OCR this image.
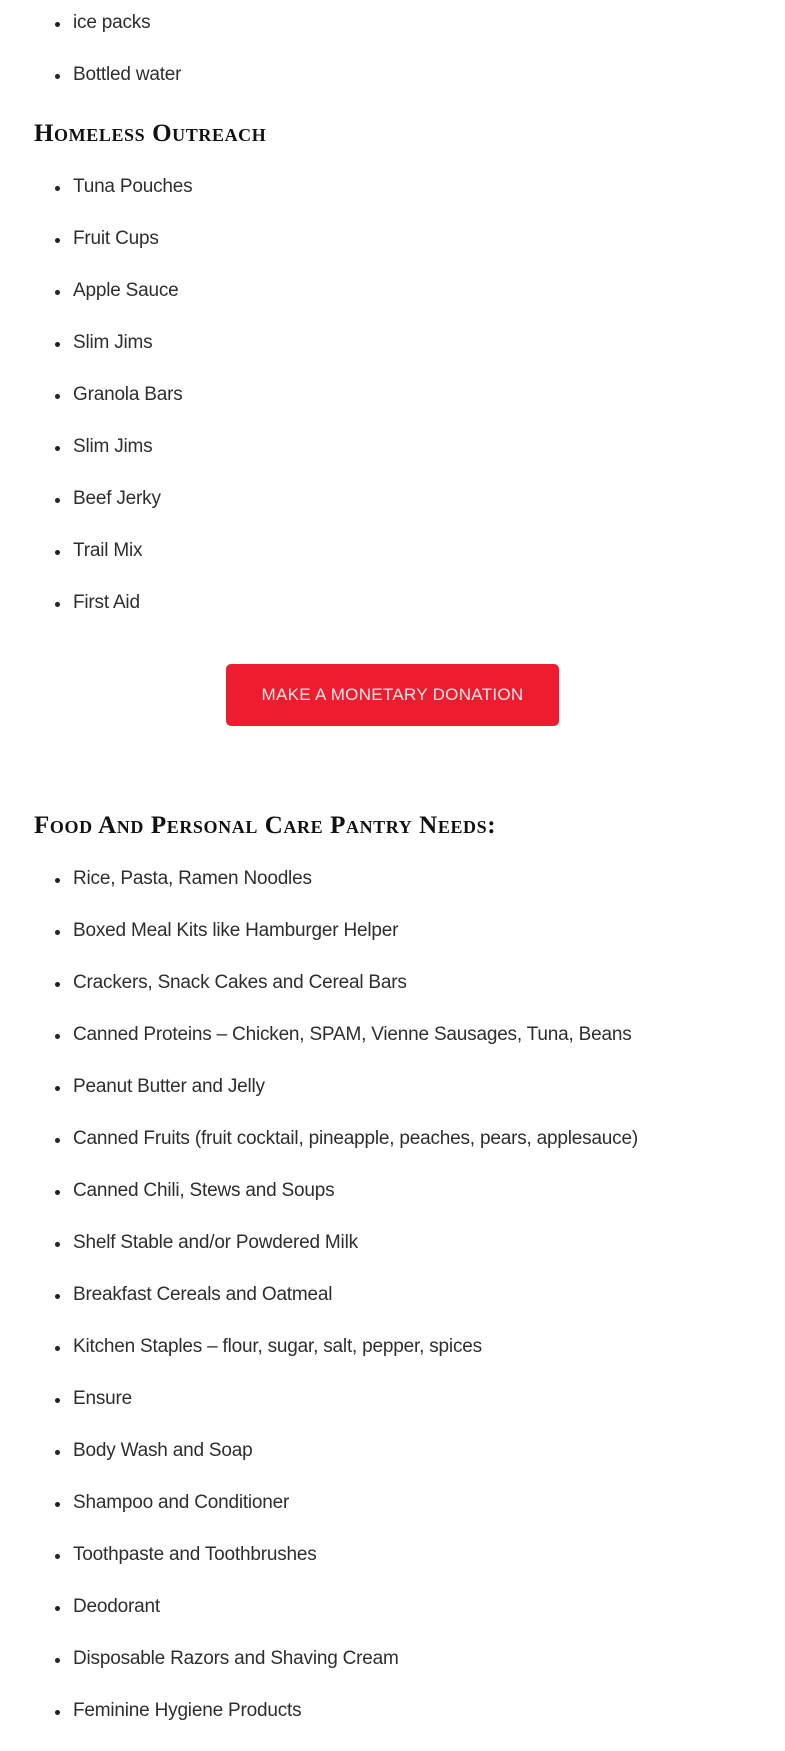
ice packs
Bottled water
Homeless Outreach
Tuna Pouches
Fruit Cups
Apple Sauce
Slim Jims
Granola Bars
Slim Jims
Beef Jerky
Trail Mix
First Aid
MAKE A MONETARY DONATION
Food And Personal Care Pantry Needs:
Rice, Pasta, Ramen Noodles
Boxed Meal Kits like Hamburger Helper
Crackers, Snack Cakes and Cereal Bars
Canned Proteins – Chicken, SPAM, Vienne Sausages, Tuna, Beans
Peanut Butter and Jelly
Canned Fruits (fruit cocktail, pineapple, peaches, pears, applesauce)
Canned Chili, Stews and Soups
Shelf Stable and/or Powdered Milk
Breakfast Cereals and Oatmeal
Kitchen Staples – flour, sugar, salt, pepper, spices
Ensure
Body Wash and Soap
Shampoo and Conditioner
Toothpaste and Toothbrushes
Deodorant
Disposable Razors and Shaving Cream
Feminine Hygiene Products
